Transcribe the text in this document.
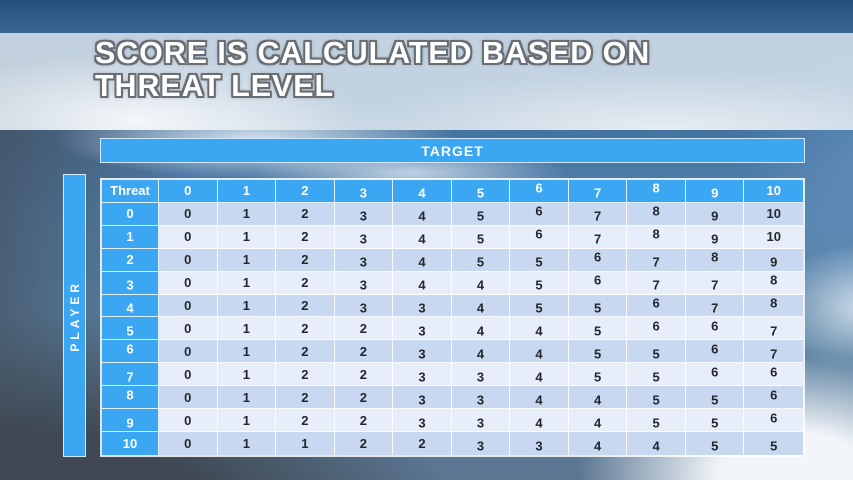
SCORE IS CALCULATED BASED ON
THREAT LEVEL
TARGET
PLAYER
Threat	0	1	2	3	4	5	6	7	8	9	10
0	0	1	2	3	4	5	6	7	8	9	10
1	0	1	2	3	4	5	6	7	8	9	10
2	0	1	2	3	4	5	5	6	7	8	9
3	0	1	2	3	4	4	5	6	7	7	8
4	0	1	2	3	3	4	5	5	6	7	8
5	0	1	2	2	3	4	4	5	6	6	7
6	0	1	2	2	3	4	4	5	5	6	7
7	0	1	2	2	3	3	4	5	5	6	6
8	0	1	2	2	3	3	4	4	5	5	6
9	0	1	2	2	3	3	4	4	5	5	6
10	0	1	1	2	2	3	3	4	4	5	5
